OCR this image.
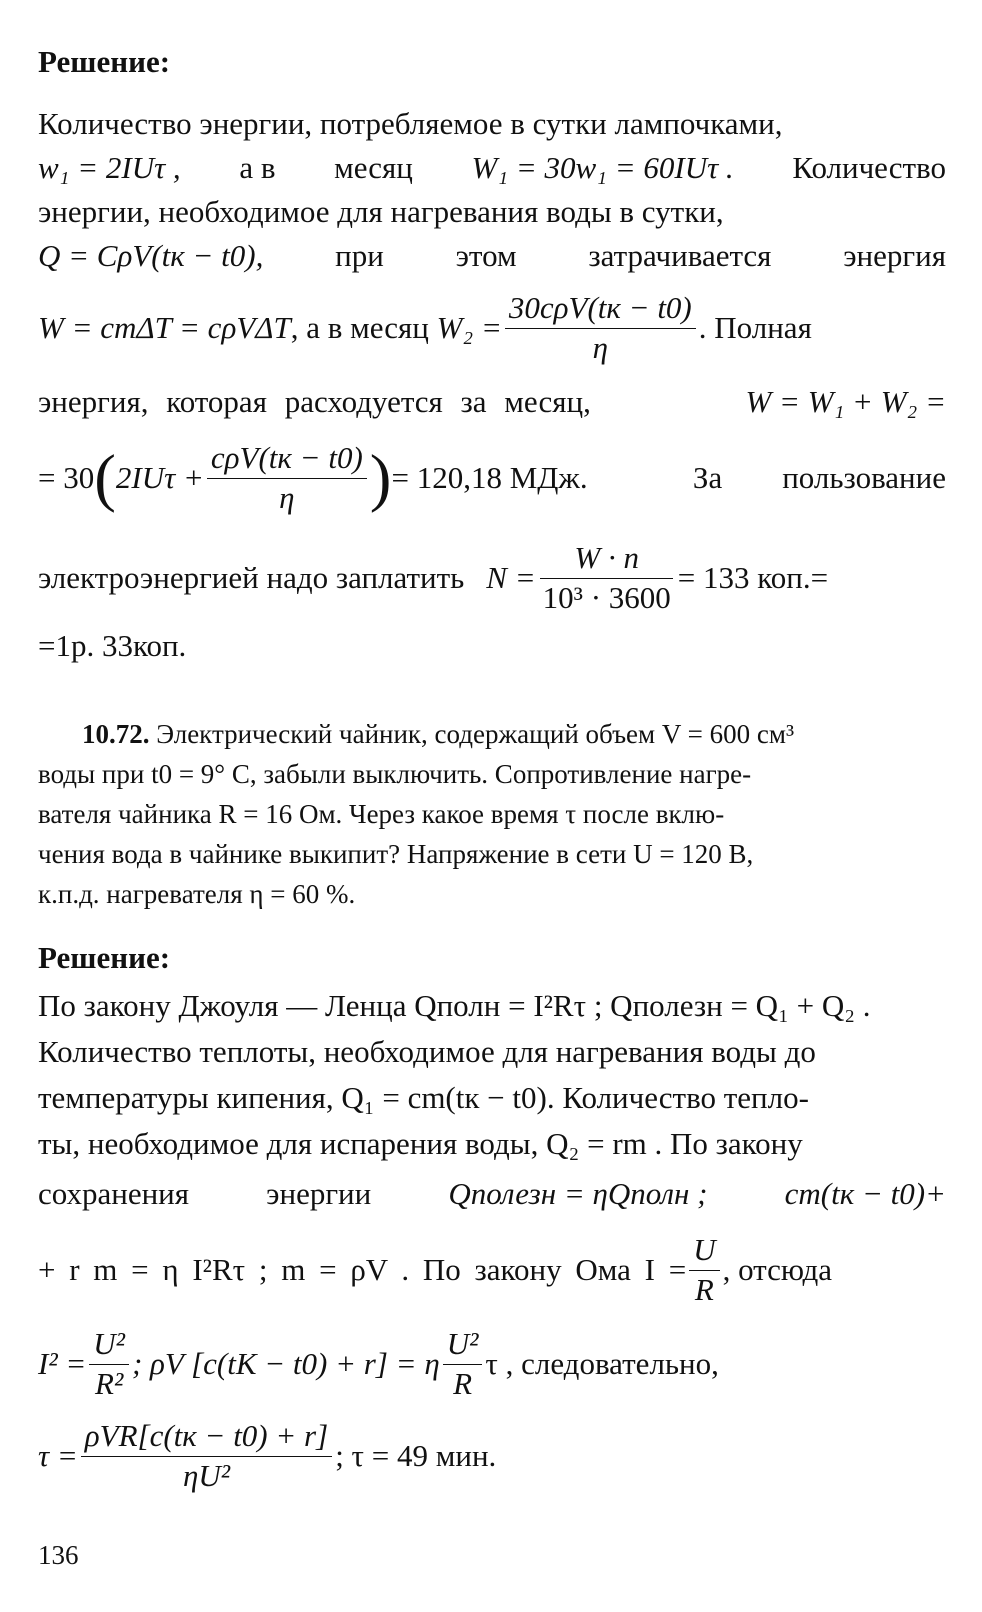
Решение:
Количество энергии, потребляемое в сутки лампочками,
w₁ = 2IUτ , а в месяц W₁ = 30w₁ = 60IUτ . Количество
энергии, необходимое для нагревания воды в сутки,
Q = CρV(tк − t0), при этом затрачивается энергия
W = cmΔT = cρVΔT , а в месяц
$W_2 = \frac{\text{30cρV(tк − t0)}}{\eta}$ . Полная
энергия, которая расходуется за месяц,	W = W₁ + W₂ =
= 30 ( $2IU\tau + \frac{\text{cρV(tк − t0)}}{\eta}$ ) = 120,18 МДж.	За пользование
электроэнергией надо заплатить $N = \frac{W \cdot n}{\text{10³ · 3600}} = 133$ коп.=
=1р. 33коп.
10.72. Электрический чайник, содержащий объем V = 600 см³
воды при t0 = 9° С, забыли выключить. Сопротивление нагре-
вателя чайника R = 16 Ом. Через какое время τ после вклю-
чения вода в чайнике выкипит? Напряжение в сети U = 120 В,
к.п.д. нагревателя η = 60 %.
Решение:
По закону Джоуля — Ленца Qполн = I²Rτ ; Qполезн = Q₁ + Q₂ .
Количество теплоты, необходимое для нагревания воды до
температуры кипения, Q₁ = cm(tк − t0). Количество тепло-
ты, необходимое для испарения воды, Q₂ = rm . По закону
сохранения энергии Qполезн = ηQполн ; cm(tк − t0)+
+ r m = η I²Rτ ; m = ρV . По закону Ома $I = \frac{U}{R}$ , отсюда
$I^2 = \frac{\text{U²}}{\text{R²}}$ ; ρV [c(tK − t0) + r] = η $\frac{\text{U²}}{R}$ τ , следовательно,
$\tau = \frac{\text{ρVR[c(tк − t0) + r]}}{\text{ηU²}}$ ; τ = 49 мин.
136
